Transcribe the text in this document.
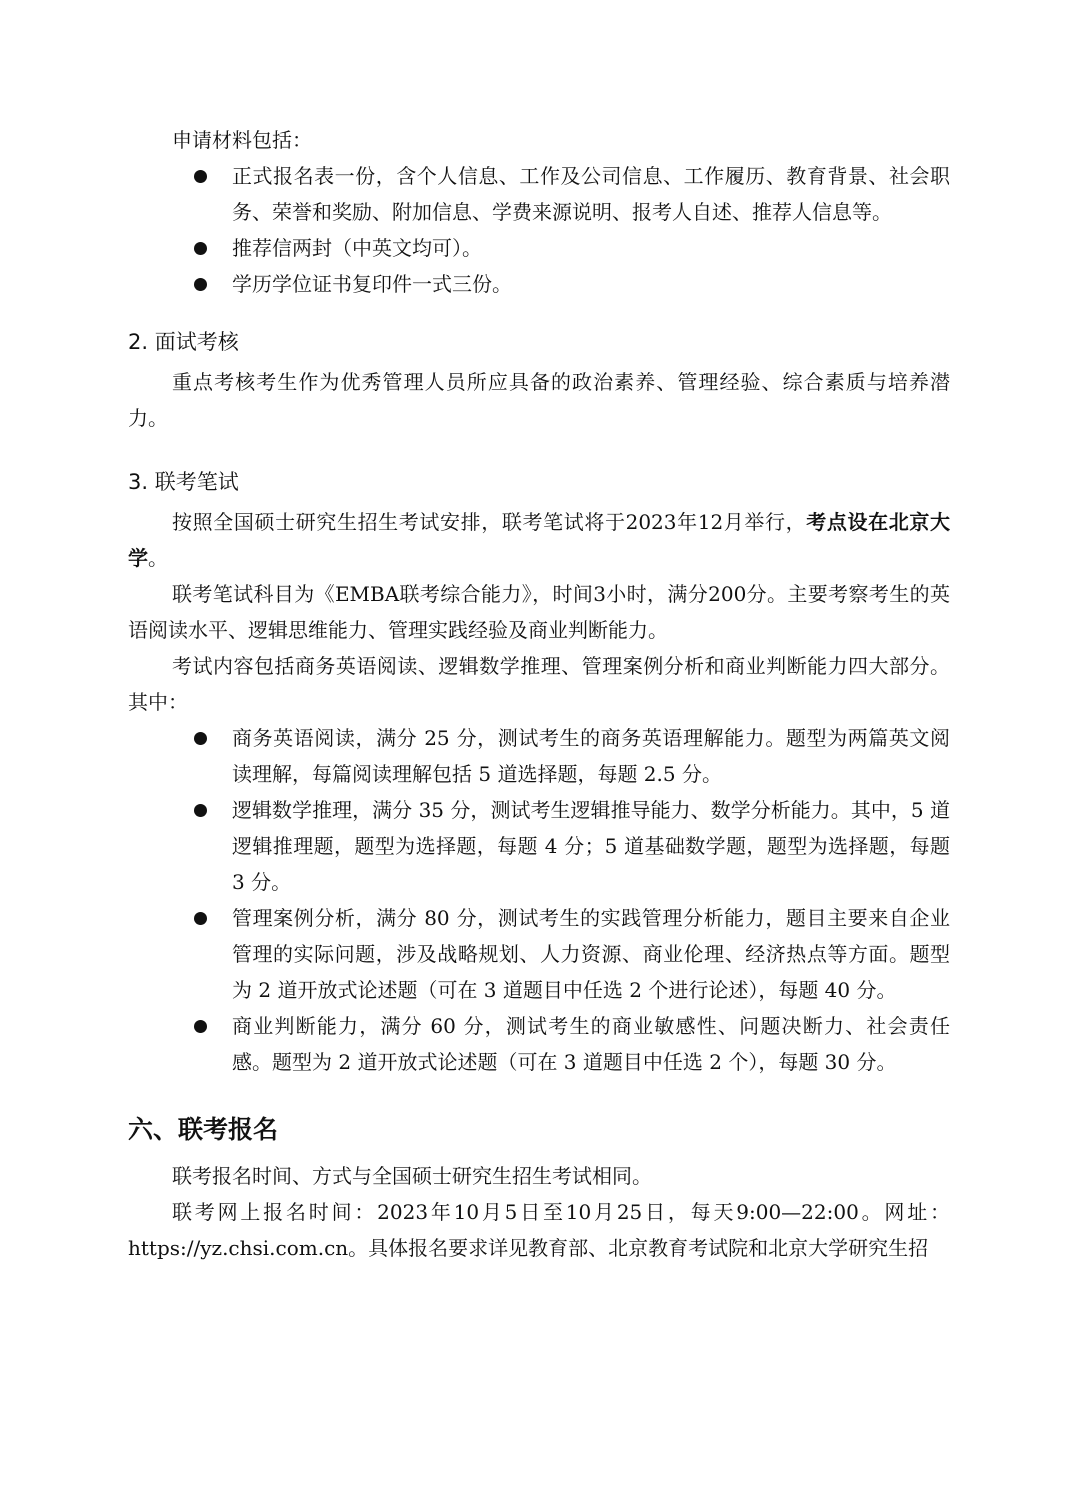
申请材料包括：

正式报名表一份，含个人信息、工作及公司信息、工作履历、教育背景、社会职务、荣誉和奖励、附加信息、学费来源说明、报考人自述、推荐人信息等。
推荐信两封（中英文均可）。
学历学位证书复印件一式三份。
2. 面试考核

重点考核考生作为优秀管理人员所应具备的政治素养、管理经验、综合素质与培养潜力。

3. 联考笔试

按照全国硕士研究生招生考试安排，联考笔试将于2023年12月举行，考点设在北京大学。

联考笔试科目为《EMBA联考综合能力》，时间3小时，满分200分。主要考察考生的英语阅读水平、逻辑思维能力、管理实践经验及商业判断能力。

考试内容包括商务英语阅读、逻辑数学推理、管理案例分析和商业判断能力四大部分。其中：

商务英语阅读，满分 25 分，测试考生的商务英语理解能力。题型为两篇英文阅读理解，每篇阅读理解包括 5 道选择题，每题 2.5 分。
逻辑数学推理，满分 35 分，测试考生逻辑推导能力、数学分析能力。其中，5 道逻辑推理题，题型为选择题，每题 4 分；5 道基础数学题，题型为选择题，每题 3 分。
管理案例分析，满分 80 分，测试考生的实践管理分析能力，题目主要来自企业管理的实际问题，涉及战略规划、人力资源、商业伦理、经济热点等方面。题型为 2 道开放式论述题（可在 3 道题目中任选 2 个进行论述），每题 40 分。
商业判断能力，满分 60 分，测试考生的商业敏感性、问题决断力、社会责任感。题型为 2 道开放式论述题（可在 3 道题目中任选 2 个），每题 30 分。
六、联考报名

联考报名时间、方式与全国硕士研究生招生考试相同。

联考网上报名时间：2023年10月5日至10月25日，每天9:00—22:00。网址：https://yz.chsi.com.cn。具体报名要求详见教育部、北京教育考试院和北京大学研究生招
